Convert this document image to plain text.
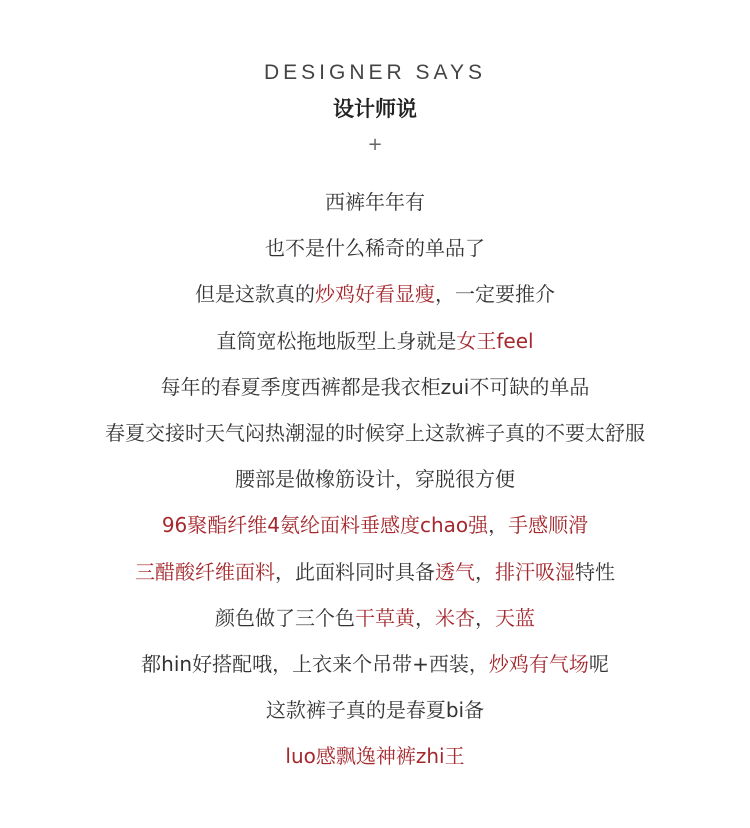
DESIGNER SAYS
设计师说
+
西裤年年有
也不是什么稀奇的单品了
但是这款真的炒鸡好看显瘦，一定要推介
直筒宽松拖地版型上身就是女王feel
每年的春夏季度西裤都是我衣柜zui不可缺的单品
春夏交接时天气闷热潮湿的时候穿上这款裤子真的不要太舒服
腰部是做橡筋设计，穿脱很方便
96聚酯纤维4氨纶面料垂感度chao强，手感顺滑
三醋酸纤维面料，此面料同时具备透气，排汗吸湿特性
颜色做了三个色干草黄，米杏，天蓝
都hin好搭配哦，上衣来个吊带+西装，炒鸡有气场呢
这款裤子真的是春夏bi备
luo感飘逸神裤zhi王
